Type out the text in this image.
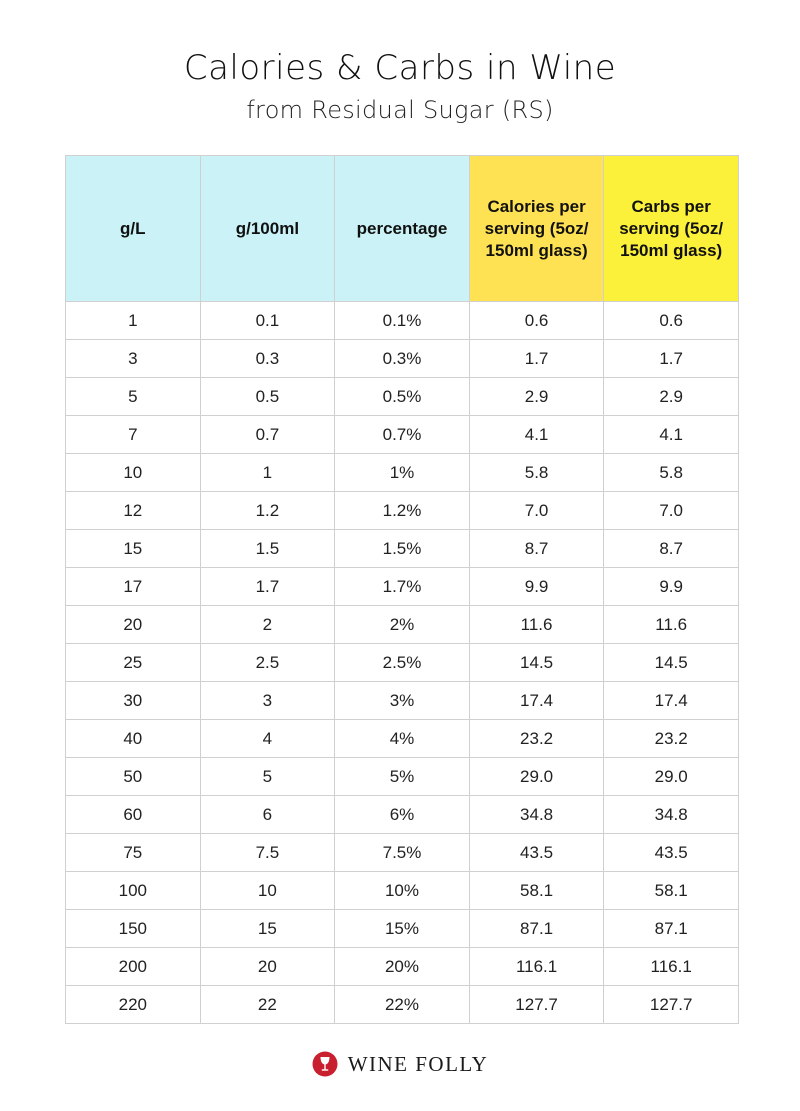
Calories & Carbs in Wine
from Residual Sugar (RS)
g/L	g/100ml	percentage	Calories per serving (5oz/ 150ml glass)	Carbs per serving (5oz/ 150ml glass)
1	0.1	0.1%	0.6	0.6
3	0.3	0.3%	1.7	1.7
5	0.5	0.5%	2.9	2.9
7	0.7	0.7%	4.1	4.1
10	1	1%	5.8	5.8
12	1.2	1.2%	7.0	7.0
15	1.5	1.5%	8.7	8.7
17	1.7	1.7%	9.9	9.9
20	2	2%	11.6	11.6
25	2.5	2.5%	14.5	14.5
30	3	3%	17.4	17.4
40	4	4%	23.2	23.2
50	5	5%	29.0	29.0
60	6	6%	34.8	34.8
75	7.5	7.5%	43.5	43.5
100	10	10%	58.1	58.1
150	15	15%	87.1	87.1
200	20	20%	116.1	116.1
220	22	22%	127.7	127.7
WINE FOLLY
